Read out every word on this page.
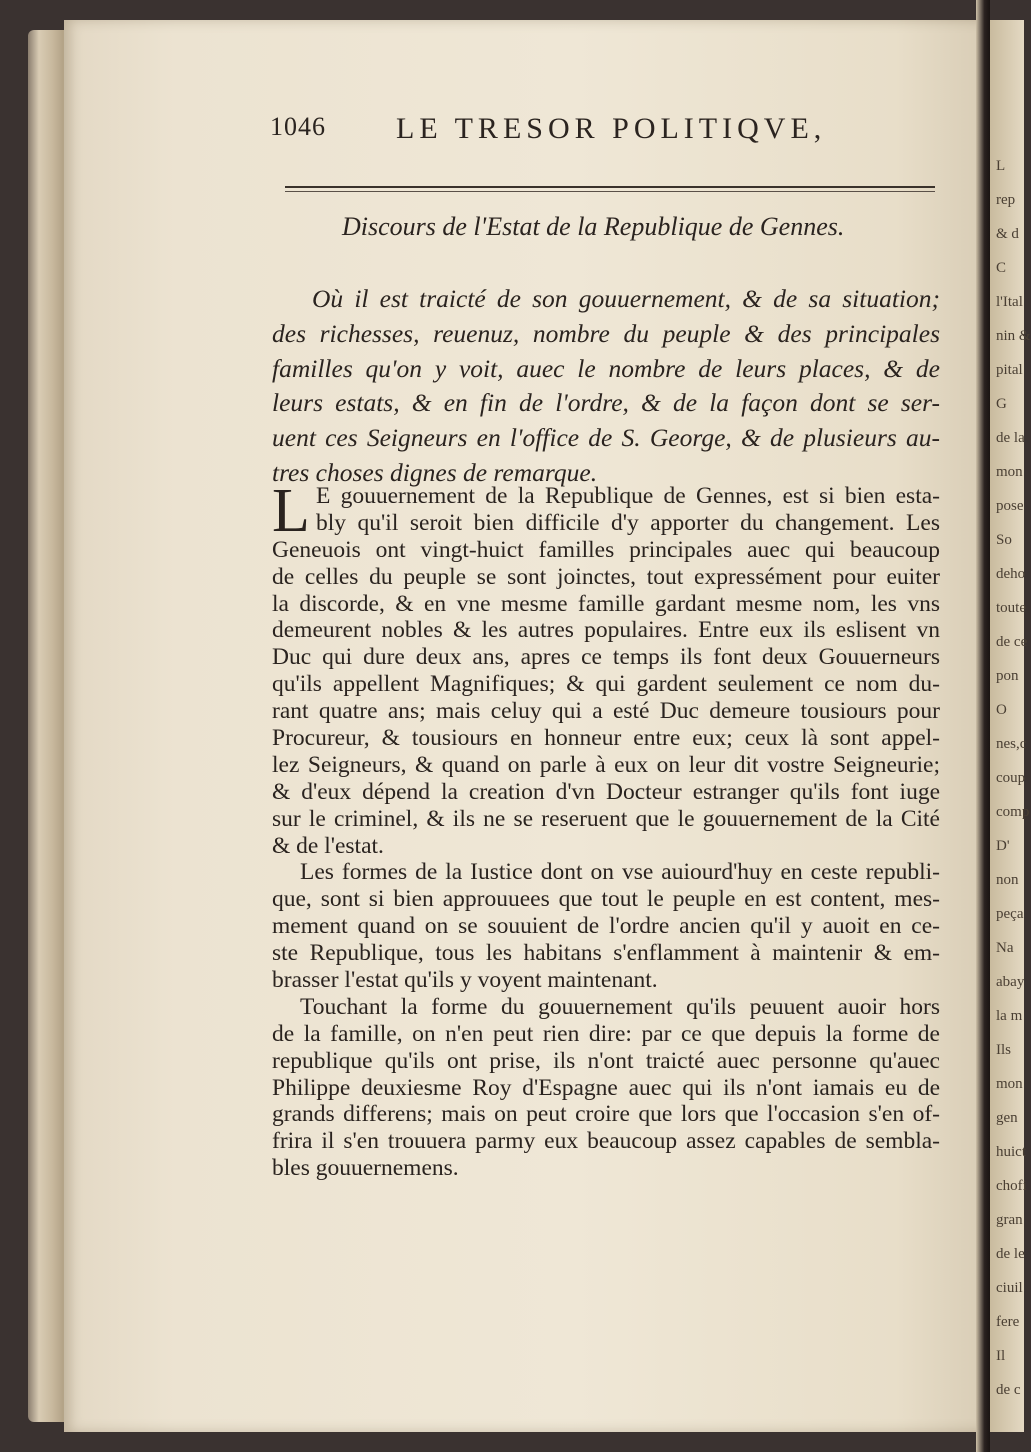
L
rep
& d
C
l'Ital
nin &
pital
G
de la
mon
pose
So
deho
toute
de ce
pon
O
nes,c
coup
comp
D'
non
peça
Na
abay
la m
Ils
mon
gen
huict
chofi
gran
de le
ciuil
fere
Il
de c
1046 LE TRESOR POLITIQVE,
Discours de l'Estat de la Republique de Gennes.
Où il est traicté de son gouuernement, & de sa situation;
des richesses, reuenuz, nombre du peuple & des principales
familles qu'on y voit, auec le nombre de leurs places, & de
leurs estats, & en fin de l'ordre, & de la façon dont se ser-
uent ces Seigneurs en l'office de S. George, & de plusieurs au-
tres choses dignes de remarque.
L E gouuernement de la Republique de Gennes, est si bien esta-
bly qu'il seroit bien difficile d'y apporter du changement. Les
Geneuois ont vingt-huict familles principales auec qui beaucoup
de celles du peuple se sont joinctes, tout expressément pour euiter
la discorde, & en vne mesme famille gardant mesme nom, les vns
demeurent nobles & les autres populaires. Entre eux ils eslisent vn
Duc qui dure deux ans, apres ce temps ils font deux Gouuerneurs
qu'ils appellent Magnifiques; & qui gardent seulement ce nom du-
rant quatre ans; mais celuy qui a esté Duc demeure tousiours pour
Procureur, & tousiours en honneur entre eux; ceux là sont appel-
lez Seigneurs, & quand on parle à eux on leur dit vostre Seigneurie;
& d'eux dépend la creation d'vn Docteur estranger qu'ils font iuge
sur le criminel, & ils ne se reseruent que le gouuernement de la Cité
& de l'estat.
Les formes de la Iustice dont on vse auiourd'huy en ceste republi-
que, sont si bien approuuees que tout le peuple en est content, mes-
mement quand on se souuient de l'ordre ancien qu'il y auoit en ce-
ste Republique, tous les habitans s'enflamment à maintenir & em-
brasser l'estat qu'ils y voyent maintenant.
Touchant la forme du gouuernement qu'ils peuuent auoir hors
de la famille, on n'en peut rien dire: par ce que depuis la forme de
republique qu'ils ont prise, ils n'ont traicté auec personne qu'auec
Philippe deuxiesme Roy d'Espagne auec qui ils n'ont iamais eu de
grands differens; mais on peut croire que lors que l'occasion s'en of-
frira il s'en trouuera parmy eux beaucoup assez capables de sembla-
bles gouuernemens.
